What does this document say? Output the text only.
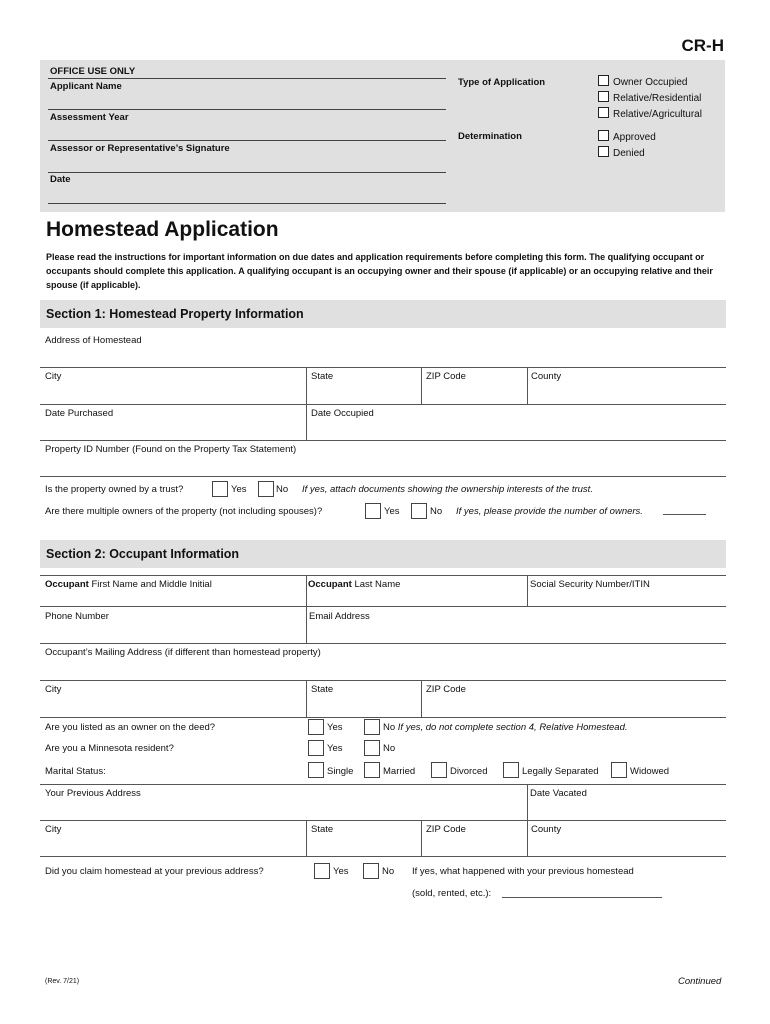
CR-H
OFFICE USE ONLY
Applicant Name
Assessment Year
Assessor or Representative’s Signature
Date
Type of Application	Owner Occupied
Relative/Residential
Relative/Agricultural
Determination	Approved
Denied
Homestead Application
Please read the instructions for important information on due dates and application requirements before completing this form. The qualifying occupant or occupants should complete this application. A qualifying occupant is an occupying owner and their spouse (if applicable) or an occupying relative and their spouse (if applicable).
Section 1: Homestead Property Information
Address of Homestead
City	State	ZIP Code	County
Date Purchased	Date Occupied
Property ID Number (Found on the Property Tax Statement)
Is the property owned by a trust?	Yes	No If yes, attach documents showing the ownership interests of the trust.
Are there multiple owners of the property (not including spouses)?	Yes	No If yes, please provide the number of owners.
Section 2: Occupant Information
Occupant First Name and Middle Initial	Occupant Last Name	Social Security Number/ITIN
Phone Number	Email Address
Occupant’s Mailing Address (if different than homestead property)
City	State	ZIP Code
Are you listed as an owner on the deed?	Yes	No If yes, do not complete section 4, Relative Homestead.
Are you a Minnesota resident?	Yes	No
Marital Status:	Single	Married	Divorced	Legally Separated	Widowed
Your Previous Address	Date Vacated
City	State	ZIP Code	County
Did you claim homestead at your previous address?	Yes	No If yes, what happened with your previous homestead
(sold, rented, etc.):
(Rev. 7/21)	Continued
